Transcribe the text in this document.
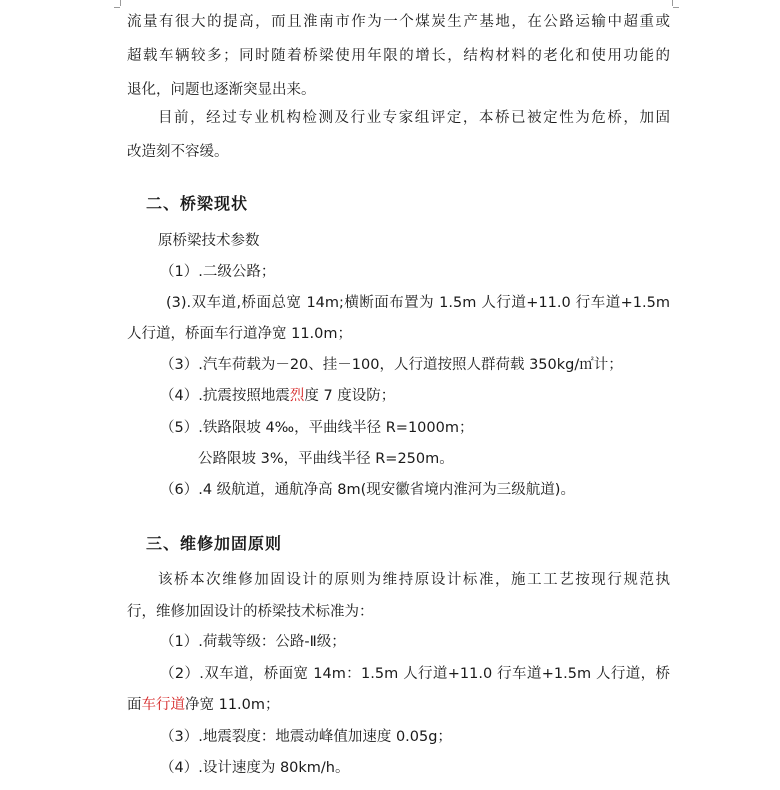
流量有很大的提高，而且淮南市作为一个煤炭生产基地，在公路运输中超重或
超载车辆较多；同时随着桥梁使用年限的增长，结构材料的老化和使用功能的
退化，问题也逐渐突显出来。
目前，经过专业机构检测及行业专家组评定，本桥已被定性为危桥，加固
改造刻不容缓。
二、桥梁现状
原桥梁技术参数
（1）.二级公路；
(3).双车道,桥面总宽 14m;横断面布置为 1.5m 人行道+11.0 行车道+1.5m
人行道，桥面车行道净宽 11.0m；
（3）.汽车荷载为－20、挂－100，人行道按照人群荷载 350kg/㎡计；
（4）.抗震按照地震烈度 7 度设防；
（5）.铁路限坡 4‰，平曲线半径 R=1000m；
公路限坡 3%，平曲线半径 R=250m。
（6）.4 级航道，通航净高 8m(现安徽省境内淮河为三级航道)。
三、维修加固原则
该桥本次维修加固设计的原则为维持原设计标准，施工工艺按现行规范执
行，维修加固设计的桥梁技术标准为：
（1）.荷载等级：公路-Ⅱ级；
（2）.双车道，桥面宽 14m：1.5m 人行道+11.0 行车道+1.5m 人行道，桥
面车行道净宽 11.0m；
（3）.地震裂度：地震动峰值加速度 0.05g；
（4）.设计速度为 80km/h。
